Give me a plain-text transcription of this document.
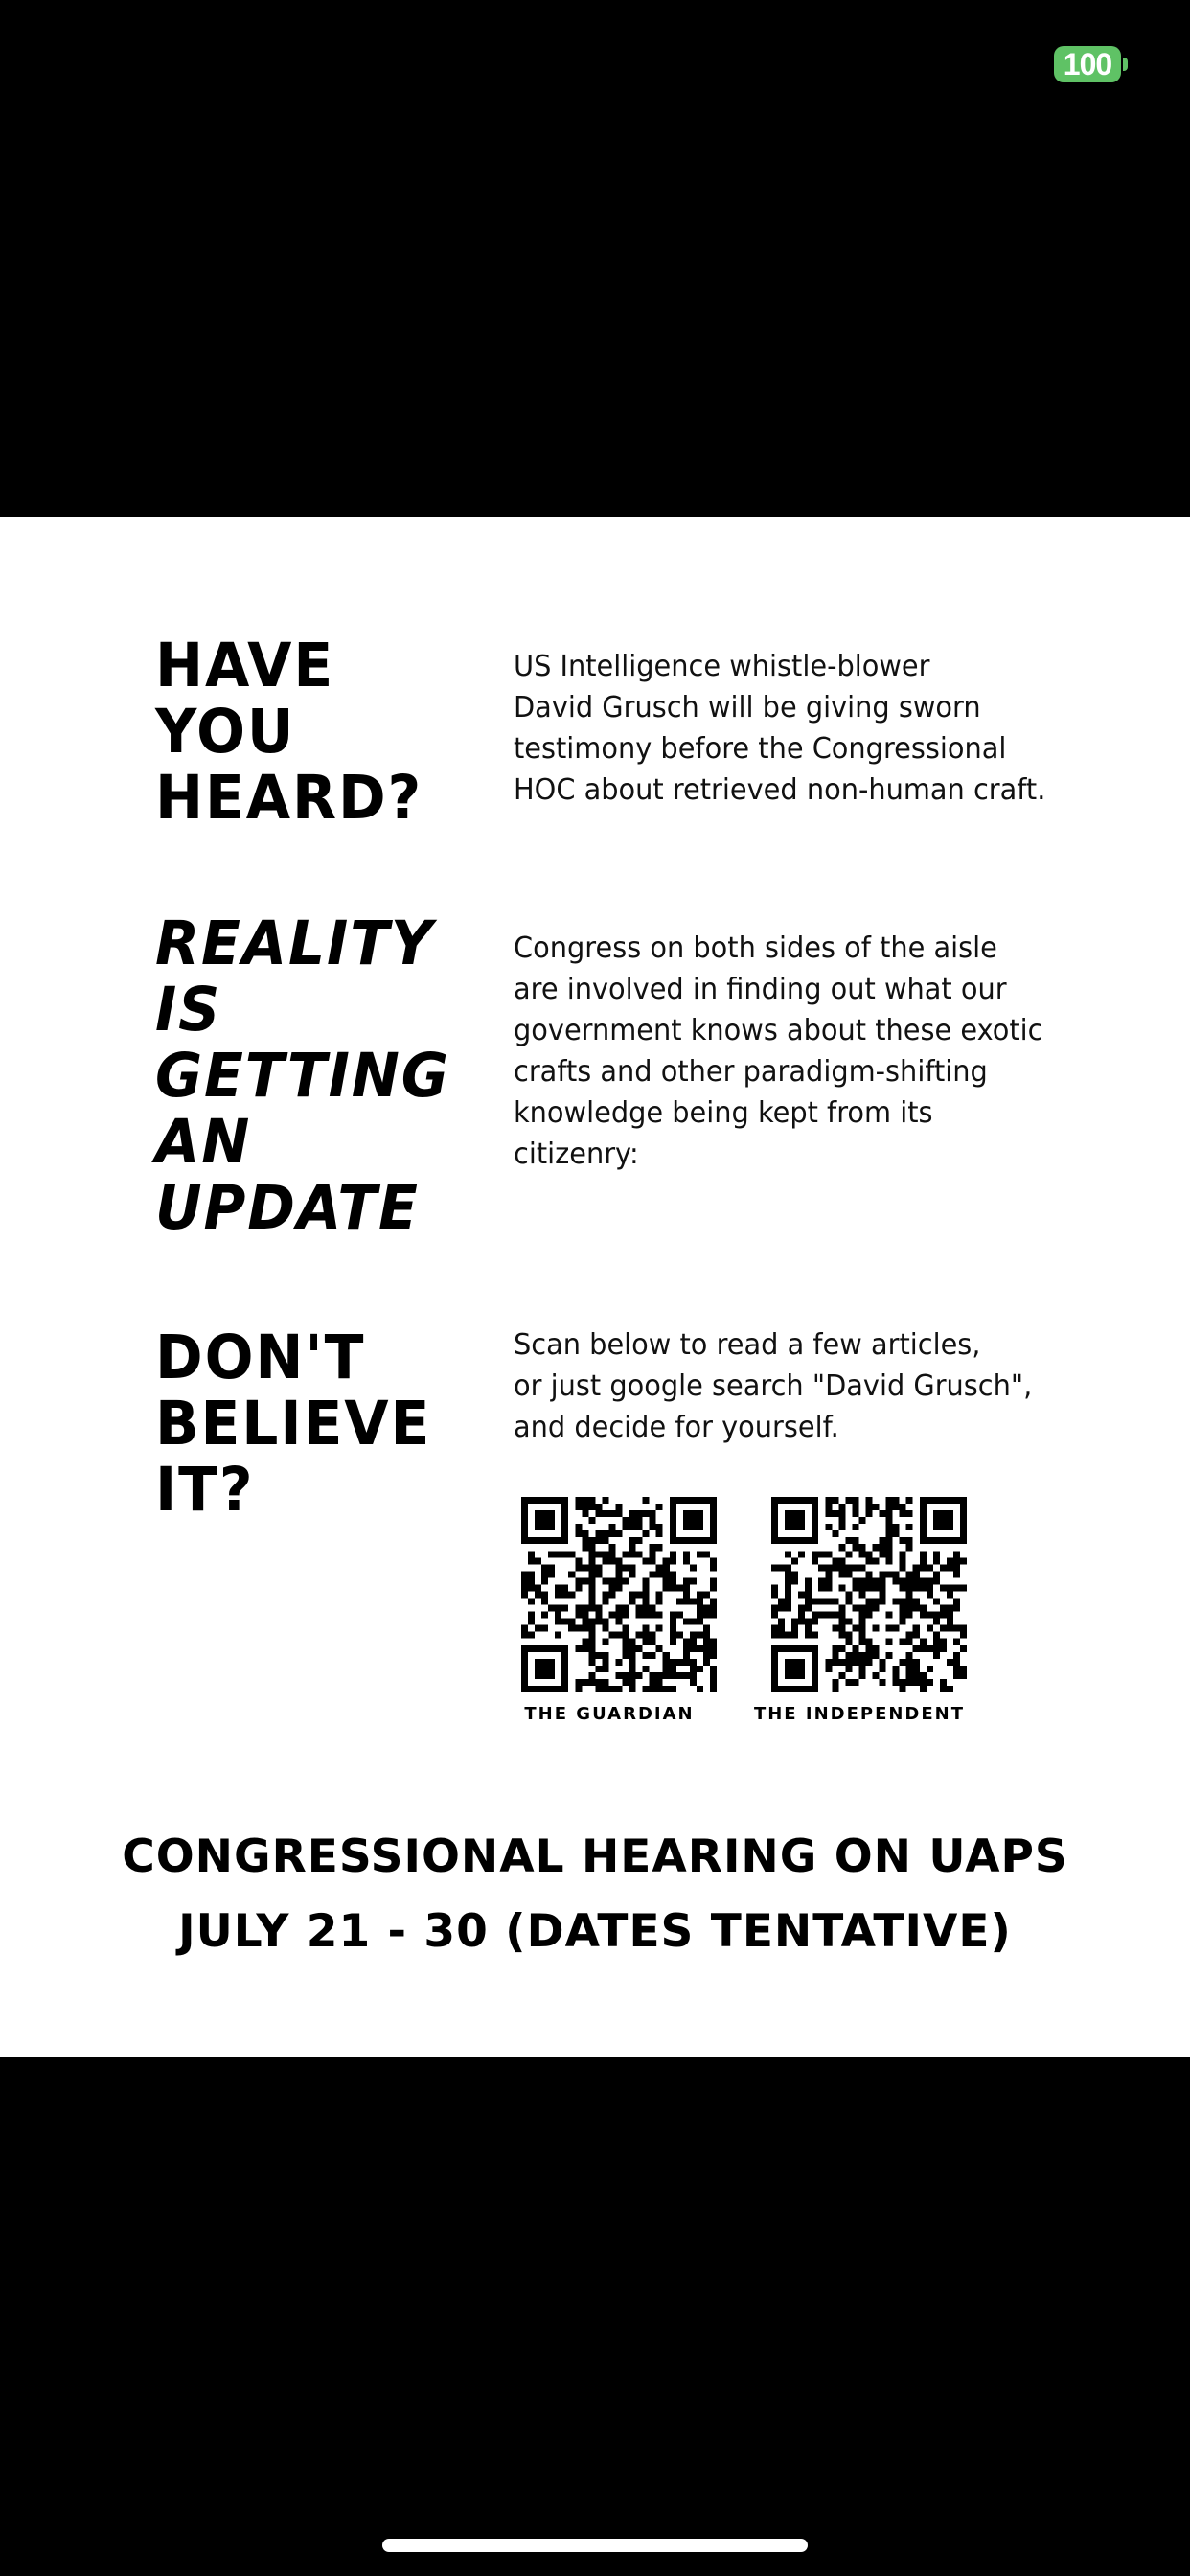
100
HAVE
YOU
HEARD?

US Intelligence whistle-blower
David Grusch will be giving sworn
testimony before the Congressional
HOC about retrieved non-human craft.

REALITY
IS
GETTING
AN
UPDATE

Congress on both sides of the aisle
are involved in finding out what our
government knows about these exotic
crafts and other paradigm-shifting
knowledge being kept from its
citizenry:

DON'T
BELIEVE
IT?

Scan below to read a few articles,
or just google search "David Grusch",
and decide for yourself.

THE GUARDIAN	THE INDEPENDENT

CONGRESSIONAL HEARING ON UAPS

JULY 21 - 30 (DATES TENTATIVE)
